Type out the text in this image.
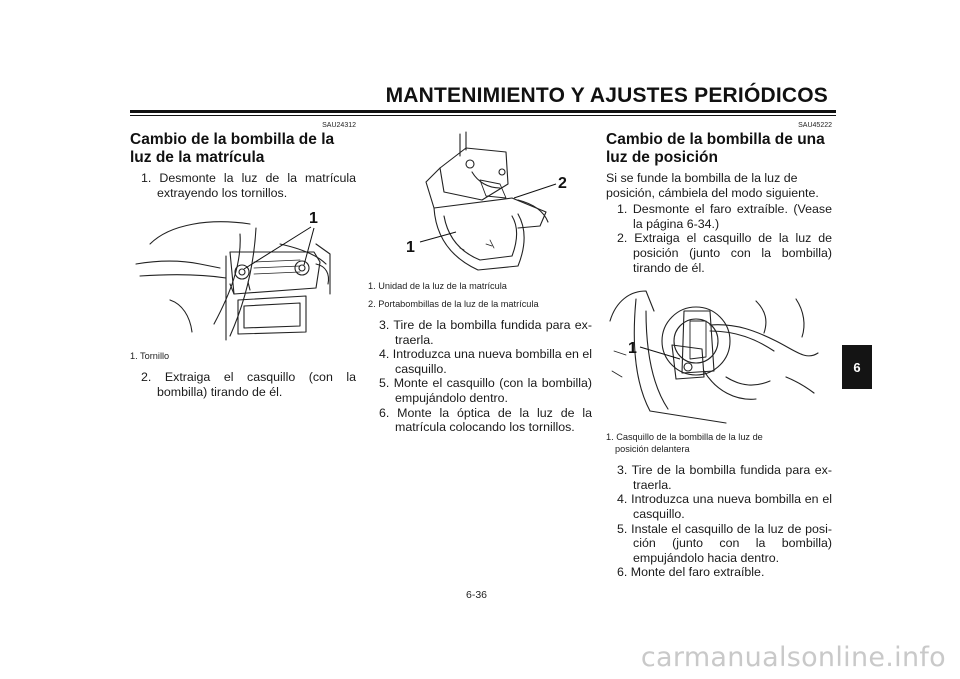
MANTENIMIENTO Y AJUSTES PERIÓDICOS
SAU24312
Cambio de la bombilla de la luz de la matrícula
1. Desmonte la luz de la matrícula extrayendo los tornillos.
1
1. Tornillo
2. Extraiga el casquillo (con la bombilla) tirando de él.
1
2
1. Unidad de la luz de la matrícula
2. Portabombillas de la luz de la matrícula
3. Tire de la bombilla fundida para extraerla.
4. Introduzca una nueva bombilla en el casquillo.
5. Monte el casquillo (con la bombilla) empujándolo dentro.
6. Monte la óptica de la luz de la matrícula colocando los tornillos.
SAU45222
Cambio de la bombilla de una luz de posición
Si se funde la bombilla de la luz de posición, cámbiela del modo siguiente.
1. Desmonte el faro extraíble. (Vease la página 6-34.)
2. Extraiga el casquillo de la luz de posición (junto con la bombilla) tirando de él.
1
1. Casquillo de la bombilla de la luz de
posición delantera
3. Tire de la bombilla fundida para extraerla.
4. Introduzca una nueva bombilla en el casquillo.
5. Instale el casquillo de la luz de posición (junto con la bombilla) empujándolo hacia dentro.
6. Monte del faro extraíble.
6-36
6
carmanualsonline.info
